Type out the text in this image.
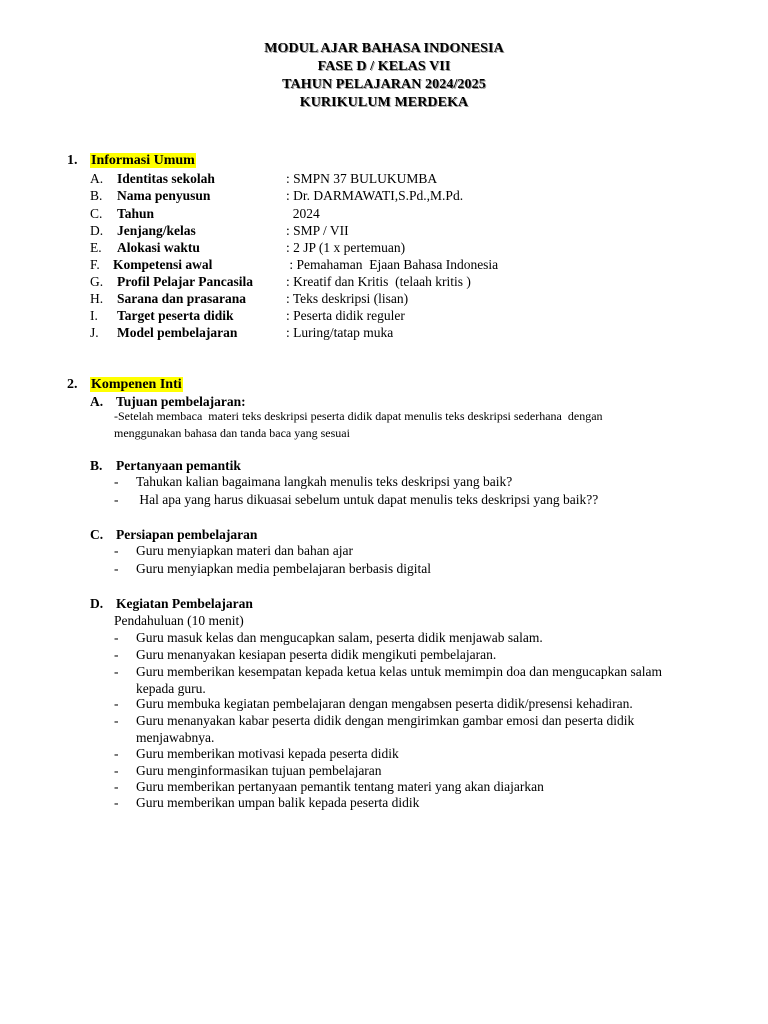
MODUL AJAR BAHASA INDONESIA
FASE D / KELAS VII
TAHUN PELAJARAN 2024/2025
KURIKULUM MERDEKA
1. Informasi Umum
A. Identitas sekolah	: SMPN 37 BULUKUMBA
B. Nama penyusun	: Dr. DARMAWATI,S.Pd.,M.Pd.
C. Tahun	2024
D. Jenjang/kelas	: SMP / VII
E. Alokasi waktu	: 2 JP (1 x pertemuan)
F. Kompetensi awal	: Pemahaman  Ejaan Bahasa Indonesia
G. Profil Pelajar Pancasila : Kreatif dan Kritis  (telaah kritis )
H. Sarana dan prasarana	: Teks deskripsi (lisan)
I. Target peserta didik	: Peserta didik reguler
J. Model pembelajaran	: Luring/tatap muka
2. Kompenen Inti
A. Tujuan pembelajaran:
-Setelah membaca  materi teks deskripsi peserta didik dapat menulis teks deskripsi sederhana  dengan
menggunakan bahasa dan tanda baca yang sesuai
B. Pertanyaan pemantik
- Tahukan kalian bagaimana langkah menulis teks deskripsi yang baik?
- Hal apa yang harus dikuasai sebelum untuk dapat menulis teks deskripsi yang baik??
C. Persiapan pembelajaran
- Guru menyiapkan materi dan bahan ajar
- Guru menyiapkan media pembelajaran berbasis digital
D. Kegiatan Pembelajaran
Pendahuluan (10 menit)
- Guru masuk kelas dan mengucapkan salam, peserta didik menjawab salam.
- Guru menanyakan kesiapan peserta didik mengikuti pembelajaran.
- Guru memberikan kesempatan kepada ketua kelas untuk memimpin doa dan mengucapkan salam kepada guru.
- Guru membuka kegiatan pembelajaran dengan mengabsen peserta didik/presensi kehadiran.
- Guru menanyakan kabar peserta didik dengan mengirimkan gambar emosi dan peserta didik menjawabnya.
- Guru memberikan motivasi kepada peserta didik
- Guru menginformasikan tujuan pembelajaran
- Guru memberikan pertanyaan pemantik tentang materi yang akan diajarkan
- Guru memberikan umpan balik kepada peserta didik
